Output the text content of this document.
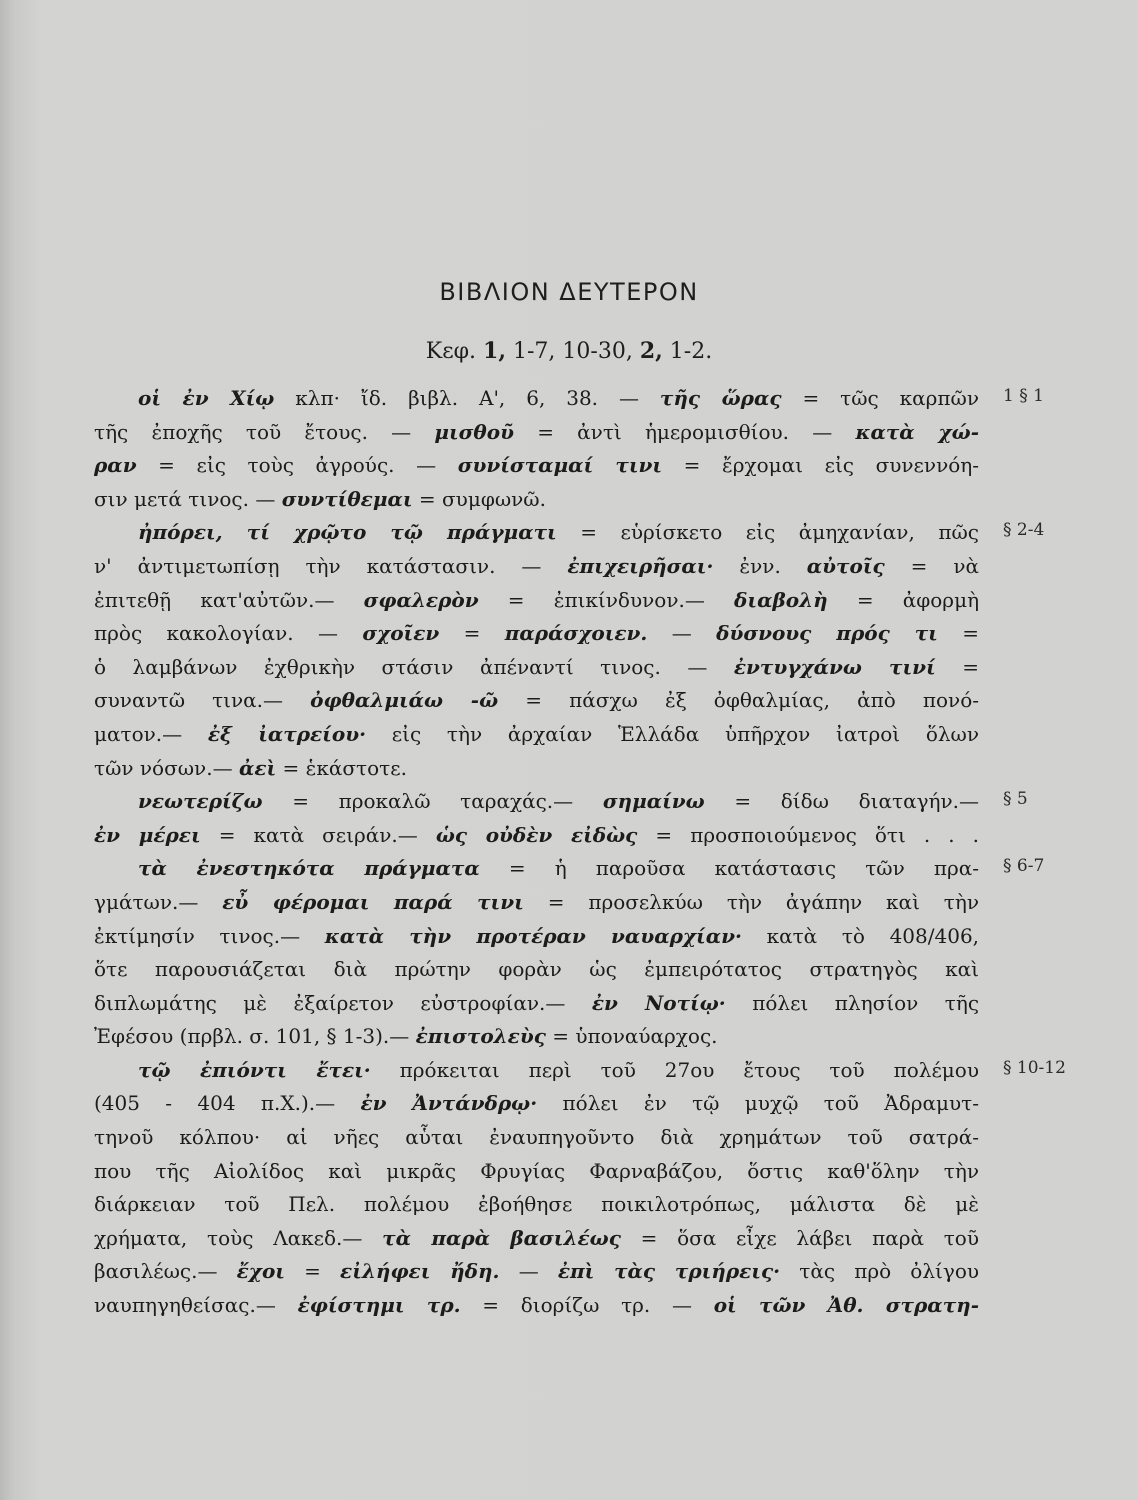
ΒΙΒΛΙΟΝ ΔΕΥΤΕΡΟΝ
Κεφ. 1, 1-7, 10-30, 2, 1-2.
1 § 1
§ 2-4
§ 5
§ 6-7
§ 10-12
οἱ ἐν Χίῳ κλπ· ἴδ. βιβλ. Α', 6, 38. — τῆς ὥρας = τῶς καρπῶν
τῆς ἐποχῆς τοῦ ἔτους. — μισθοῦ = ἀντὶ ἡμερομισθίου. — κατὰ χώ-
ραν = εἰς τοὺς ἀγρούς. — συνίσταμαί τινι = ἔρχομαι εἰς συνεννόη-
σιν μετά τινος. — συντίθεμαι = συμφωνῶ.
ἠπόρει, τί χρῷτο τῷ πράγματι = εὑρίσκετο εἰς ἀμηχανίαν, πῶς
ν' ἀντιμετωπίσῃ τὴν κατάστασιν. — ἐπιχειρῆσαι· ἐνν. αὐτοῖς = νὰ
ἐπιτεθῇ κατ'αὐτῶν.— σφαλερὸν = ἐπικίνδυνον.— διαβολὴ = ἀφορμὴ
πρὸς κακολογίαν. — σχοῖεν = παράσχοιεν. — δύσνους πρός τι =
ὁ λαμβάνων ἐχθρικὴν στάσιν ἀπέναντί τινος. — ἐντυγχάνω τινί =
συναντῶ τινα.— ὀφθαλμιάω -ῶ = πάσχω ἐξ ὀφθαλμίας, ἀπὸ πονό-
ματον.— ἐξ ἰατρείου· εἰς τὴν ἀρχαίαν Ἑλλάδα ὑπῆρχον ἰατροὶ ὅλων
τῶν νόσων.— ἀεὶ = ἑκάστοτε.
νεωτερίζω = προκαλῶ ταραχάς.— σημαίνω = δίδω διαταγήν.—
ἐν μέρει = κατὰ σειράν.— ὡς οὐδὲν εἰδὼς = προσποιούμενος ὅτι . . .
τὰ ἐνεστηκότα πράγματα = ἡ παροῦσα κατάστασις τῶν πρα-
γμάτων.— εὖ φέρομαι παρά τινι = προσελκύω τὴν ἀγάπην καὶ τὴν
ἐκτίμησίν τινος.— κατὰ τὴν προτέραν ναυαρχίαν· κατὰ τὸ 408/406,
ὅτε παρουσιάζεται διὰ πρώτην φορὰν ὡς ἐμπειρότατος στρατηγὸς καὶ
διπλωμάτης μὲ ἐξαίρετον εὐστροφίαν.— ἐν Νοτίῳ· πόλει πλησίον τῆς
Ἐφέσου (πρβλ. σ. 101, § 1-3).— ἐπιστολεὺς = ὑποναύαρχος.
τῷ ἐπιόντι ἔτει· πρόκειται περὶ τοῦ 27ου ἔτους τοῦ πολέμου
(405 - 404 π.Χ.).— ἐν Ἀντάνδρῳ· πόλει ἐν τῷ μυχῷ τοῦ Ἀδραμυτ-
τηνοῦ κόλπου· αἱ νῆες αὗται ἐναυπηγοῦντο διὰ χρημάτων τοῦ σατρά-
που τῆς Αἰολίδος καὶ μικρᾶς Φρυγίας Φαρναβάζου, ὅστις καθ'ὅλην τὴν
διάρκειαν τοῦ Πελ. πολέμου ἐβοήθησε ποικιλοτρόπως, μάλιστα δὲ μὲ
χρήματα, τοὺς Λακεδ.— τὰ παρὰ βασιλέως = ὅσα εἶχε λάβει παρὰ τοῦ
βασιλέως.— ἔχοι = εἰλήφει ἤδη. — ἐπὶ τὰς τριήρεις· τὰς πρὸ ὀλίγου
ναυπηγηθείσας.— ἐφίστημι τρ. = διορίζω τρ. — οἱ τῶν Ἀθ. στρατη-
